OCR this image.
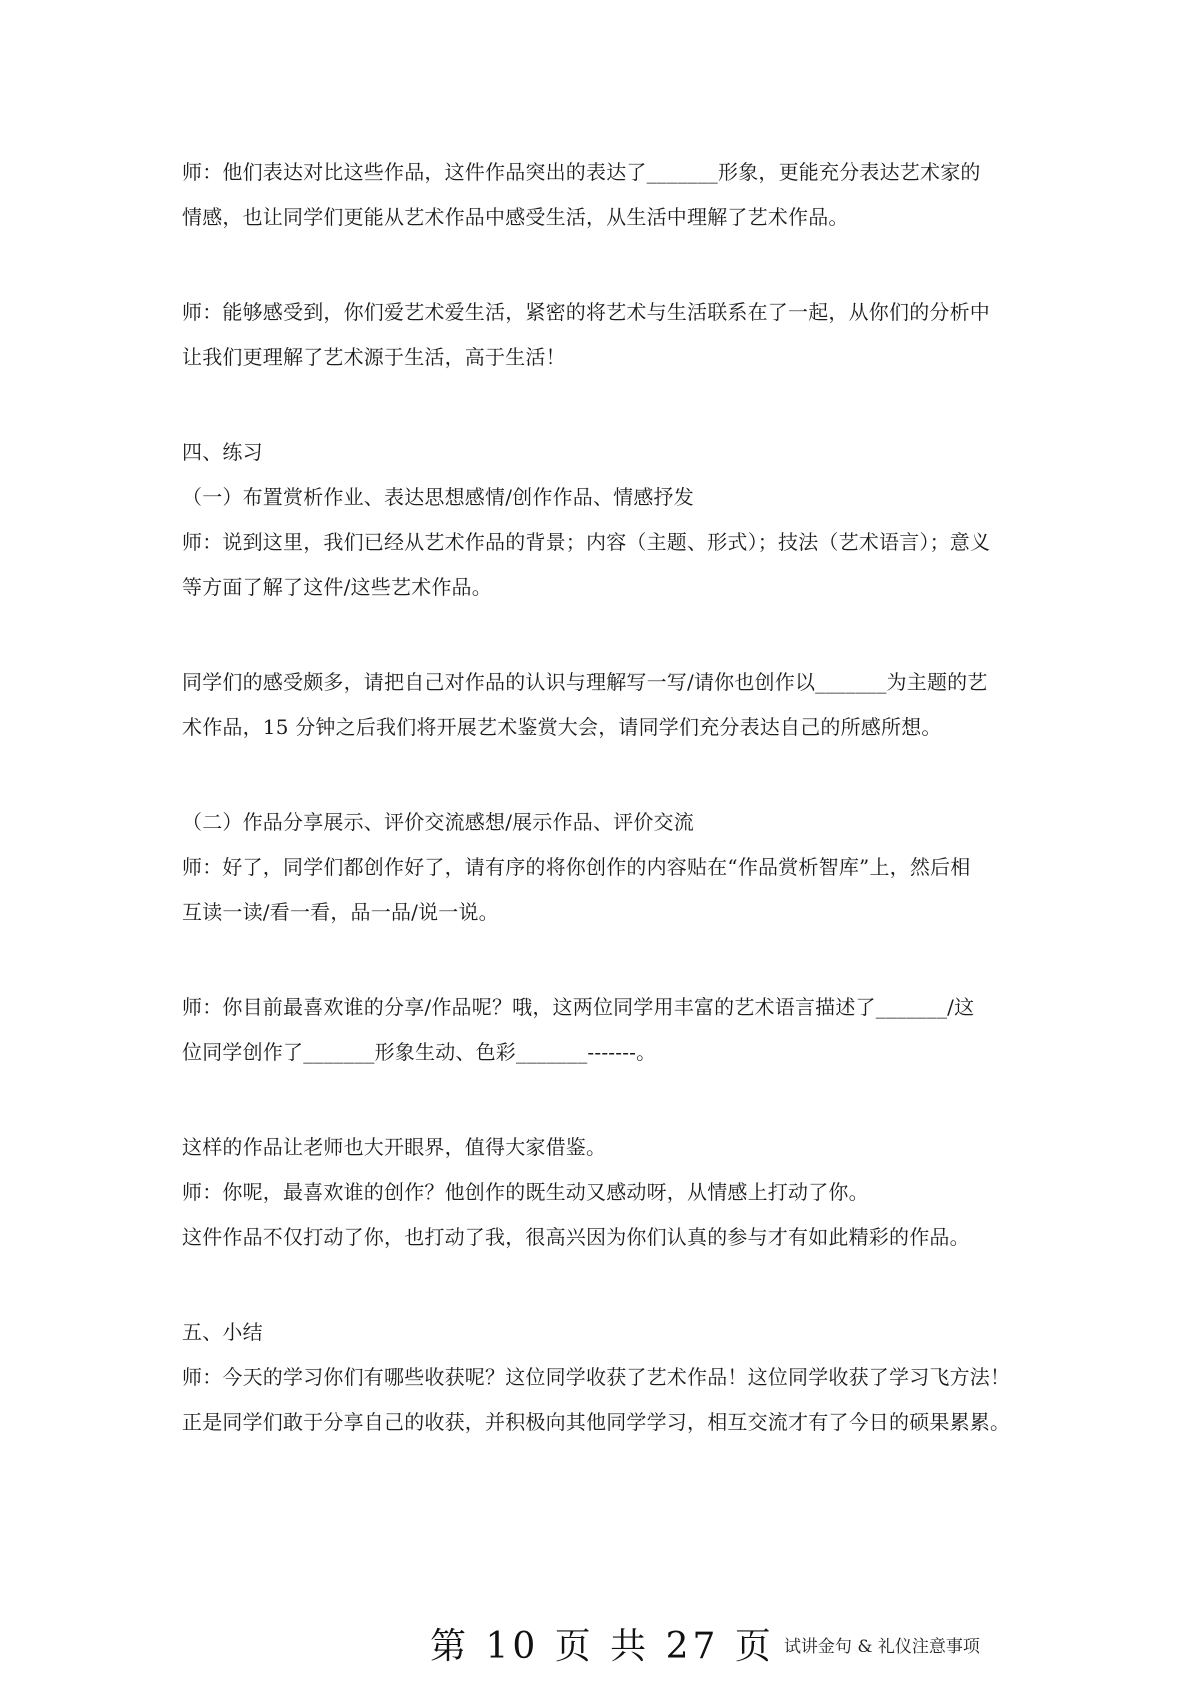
师：他们表达对比这些作品，这件作品突出的表达了_______形象，更能充分表达艺术家的
情感，也让同学们更能从艺术作品中感受生活，从生活中理解了艺术作品。
师：能够感受到，你们爱艺术爱生活，紧密的将艺术与生活联系在了一起，从你们的分析中
让我们更理解了艺术源于生活，高于生活！
四、练习
（一）布置赏析作业、表达思想感情/创作作品、情感抒发
师：说到这里，我们已经从艺术作品的背景；内容（主题、形式）；技法（艺术语言）；意义
等方面了解了这件/这些艺术作品。
同学们的感受颇多，请把自己对作品的认识与理解写一写/请你也创作以_______为主题的艺
术作品，15 分钟之后我们将开展艺术鉴赏大会，请同学们充分表达自己的所感所想。
（二）作品分享展示、评价交流感想/展示作品、评价交流
师：好了，同学们都创作好了，请有序的将你创作的内容贴在“作品赏析智库”上，然后相
互读一读/看一看，品一品/说一说。
师：你目前最喜欢谁的分享/作品呢？哦，这两位同学用丰富的艺术语言描述了_______/这
位同学创作了_______形象生动、色彩_______-------。
这样的作品让老师也大开眼界，值得大家借鉴。
师：你呢，最喜欢谁的创作？他创作的既生动又感动呀，从情感上打动了你。
这件作品不仅打动了你，也打动了我，很高兴因为你们认真的参与才有如此精彩的作品。
五、小结
师：今天的学习你们有哪些收获呢？这位同学收获了艺术作品！这位同学收获了学习飞方法！
正是同学们敢于分享自己的收获，并积极向其他同学学习，相互交流才有了今日的硕果累累。
第 10 页 共 27 页 试讲金句 & 礼仪注意事项
